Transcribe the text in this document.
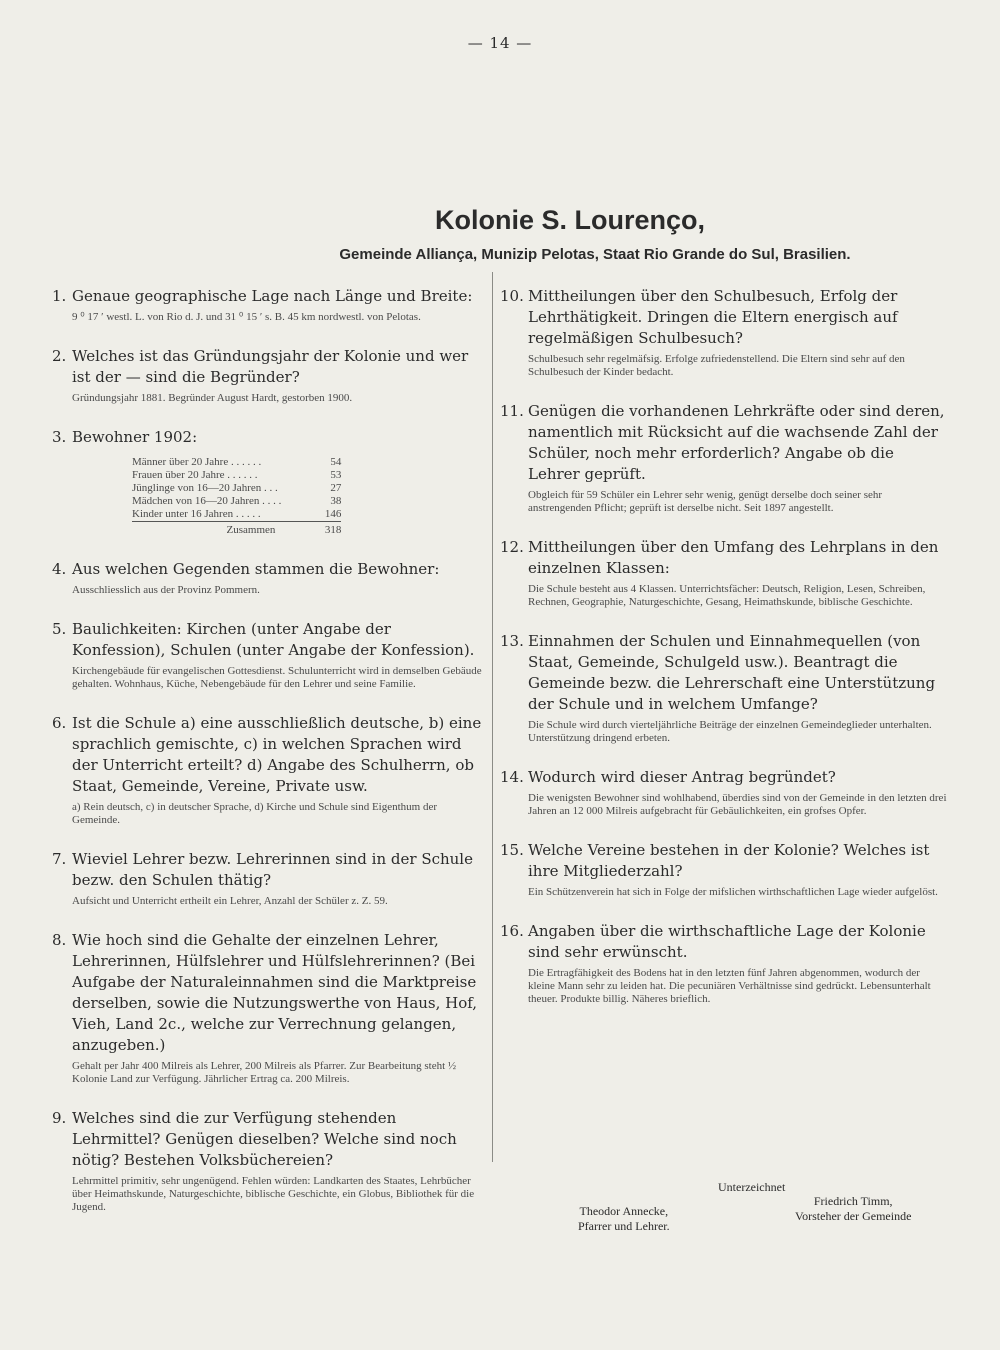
— 14 —
Kolonie S. Lourenço,
Gemeinde Alliança, Munizip Pelotas, Staat Rio Grande do Sul, Brasilien.

1. Genaue geographische Lage nach Länge und Breite:

9 ⁰ 17 ′ westl. L. von Rio d. J. und 31 ⁰ 15 ′ s. B. 45 km nordwestl. von Pelotas.

2. Welches ist das Gründungsjahr der Kolonie und wer ist der — sind die Begründer?

Gründungsjahr 1881. Begründer August Hardt, gestorben 1900.

3. Bewohner 1902:

Männer über 20 Jahre . . . . . .	54
Frauen über 20 Jahre . . . . . .	53
Jünglinge von 16—20 Jahren . . .	27
Mädchen von 16—20 Jahren . . . .	38
Kinder unter 16 Jahren . . . . .	146
Zusammen	318

4. Aus welchen Gegenden stammen die Bewohner:

Ausschliesslich aus der Provinz Pommern.

5. Baulichkeiten: Kirchen (unter Angabe der Konfession), Schulen (unter Angabe der Konfession).

Kirchengebäude für evangelischen Gottesdienst. Schulunterricht wird in demselben Gebäude gehalten. Wohnhaus, Küche, Nebengebäude für den Lehrer und seine Familie.

6. Ist die Schule a) eine ausschließlich deutsche, b) eine sprachlich gemischte, c) in welchen Sprachen wird der Unterricht erteilt? d) Angabe des Schulherrn, ob Staat, Gemeinde, Vereine, Private usw.

a) Rein deutsch, c) in deutscher Sprache, d) Kirche und Schule sind Eigenthum der Gemeinde.

7. Wieviel Lehrer bezw. Lehrerinnen sind in der Schule bezw. den Schulen thätig?

Aufsicht und Unterricht ertheilt ein Lehrer, Anzahl der Schüler z. Z. 59.

8. Wie hoch sind die Gehalte der einzelnen Lehrer, Lehrerinnen, Hülfslehrer und Hülfslehrerinnen? (Bei Aufgabe der Naturaleinnahmen sind die Marktpreise derselben, sowie die Nutzungswerthe von Haus, Hof, Vieh, Land 2c., welche zur Verrechnung gelangen, anzugeben.)

Gehalt per Jahr 400 Milreis als Lehrer, 200 Milreis als Pfarrer. Zur Bearbeitung steht ½ Kolonie Land zur Verfügung. Jährlicher Ertrag ca. 200 Milreis.

9. Welches sind die zur Verfügung stehenden Lehrmittel? Genügen dieselben? Welche sind noch nötig? Bestehen Volksbüchereien?

Lehrmittel primitiv, sehr ungenügend. Fehlen würden: Landkarten des Staates, Lehrbücher über Heimathskunde, Naturgeschichte, biblische Geschichte, ein Globus, Bibliothek für die Jugend.

10. Mittheilungen über den Schulbesuch, Erfolg der Lehrthätigkeit. Dringen die Eltern energisch auf regelmäßigen Schulbesuch?

Schulbesuch sehr regelmäfsig. Erfolge zufriedenstellend. Die Eltern sind sehr auf den Schulbesuch der Kinder bedacht.

11. Genügen die vorhandenen Lehrkräfte oder sind deren, namentlich mit Rücksicht auf die wachsende Zahl der Schüler, noch mehr erforderlich? Angabe ob die Lehrer geprüft.

Obgleich für 59 Schüler ein Lehrer sehr wenig, genügt derselbe doch seiner sehr anstrengenden Pflicht; geprüft ist derselbe nicht. Seit 1897 angestellt.

12. Mittheilungen über den Umfang des Lehrplans in den einzelnen Klassen:

Die Schule besteht aus 4 Klassen. Unterrichtsfächer: Deutsch, Religion, Lesen, Schreiben, Rechnen, Geographie, Naturgeschichte, Gesang, Heimathskunde, biblische Geschichte.

13. Einnahmen der Schulen und Einnahmequellen (von Staat, Gemeinde, Schulgeld usw.). Beantragt die Gemeinde bezw. die Lehrerschaft eine Unterstützung der Schule und in welchem Umfange?

Die Schule wird durch vierteljährliche Beiträge der einzelnen Gemeindeglieder unterhalten. Unterstützung dringend erbeten.

14. Wodurch wird dieser Antrag begründet?

Die wenigsten Bewohner sind wohlhabend, überdies sind von der Gemeinde in den letzten drei Jahren an 12 000 Milreis aufgebracht für Gebäulichkeiten, ein grofses Opfer.

15. Welche Vereine bestehen in der Kolonie? Welches ist ihre Mitgliederzahl?

Ein Schützenverein hat sich in Folge der mifslichen wirthschaftlichen Lage wieder aufgelöst.

16. Angaben über die wirthschaftliche Lage der Kolonie sind sehr erwünscht.

Die Ertragfähigkeit des Bodens hat in den letzten fünf Jahren abgenommen, wodurch der kleine Mann sehr zu leiden hat. Die pecuniären Verhältnisse sind gedrückt. Lebensunterhalt theuer. Produkte billig. Näheres brieflich.
Unterzeichnet
Theodor Annecke,
Pfarrer und Lehrer.
Friedrich Timm,
Vorsteher der Gemeinde
